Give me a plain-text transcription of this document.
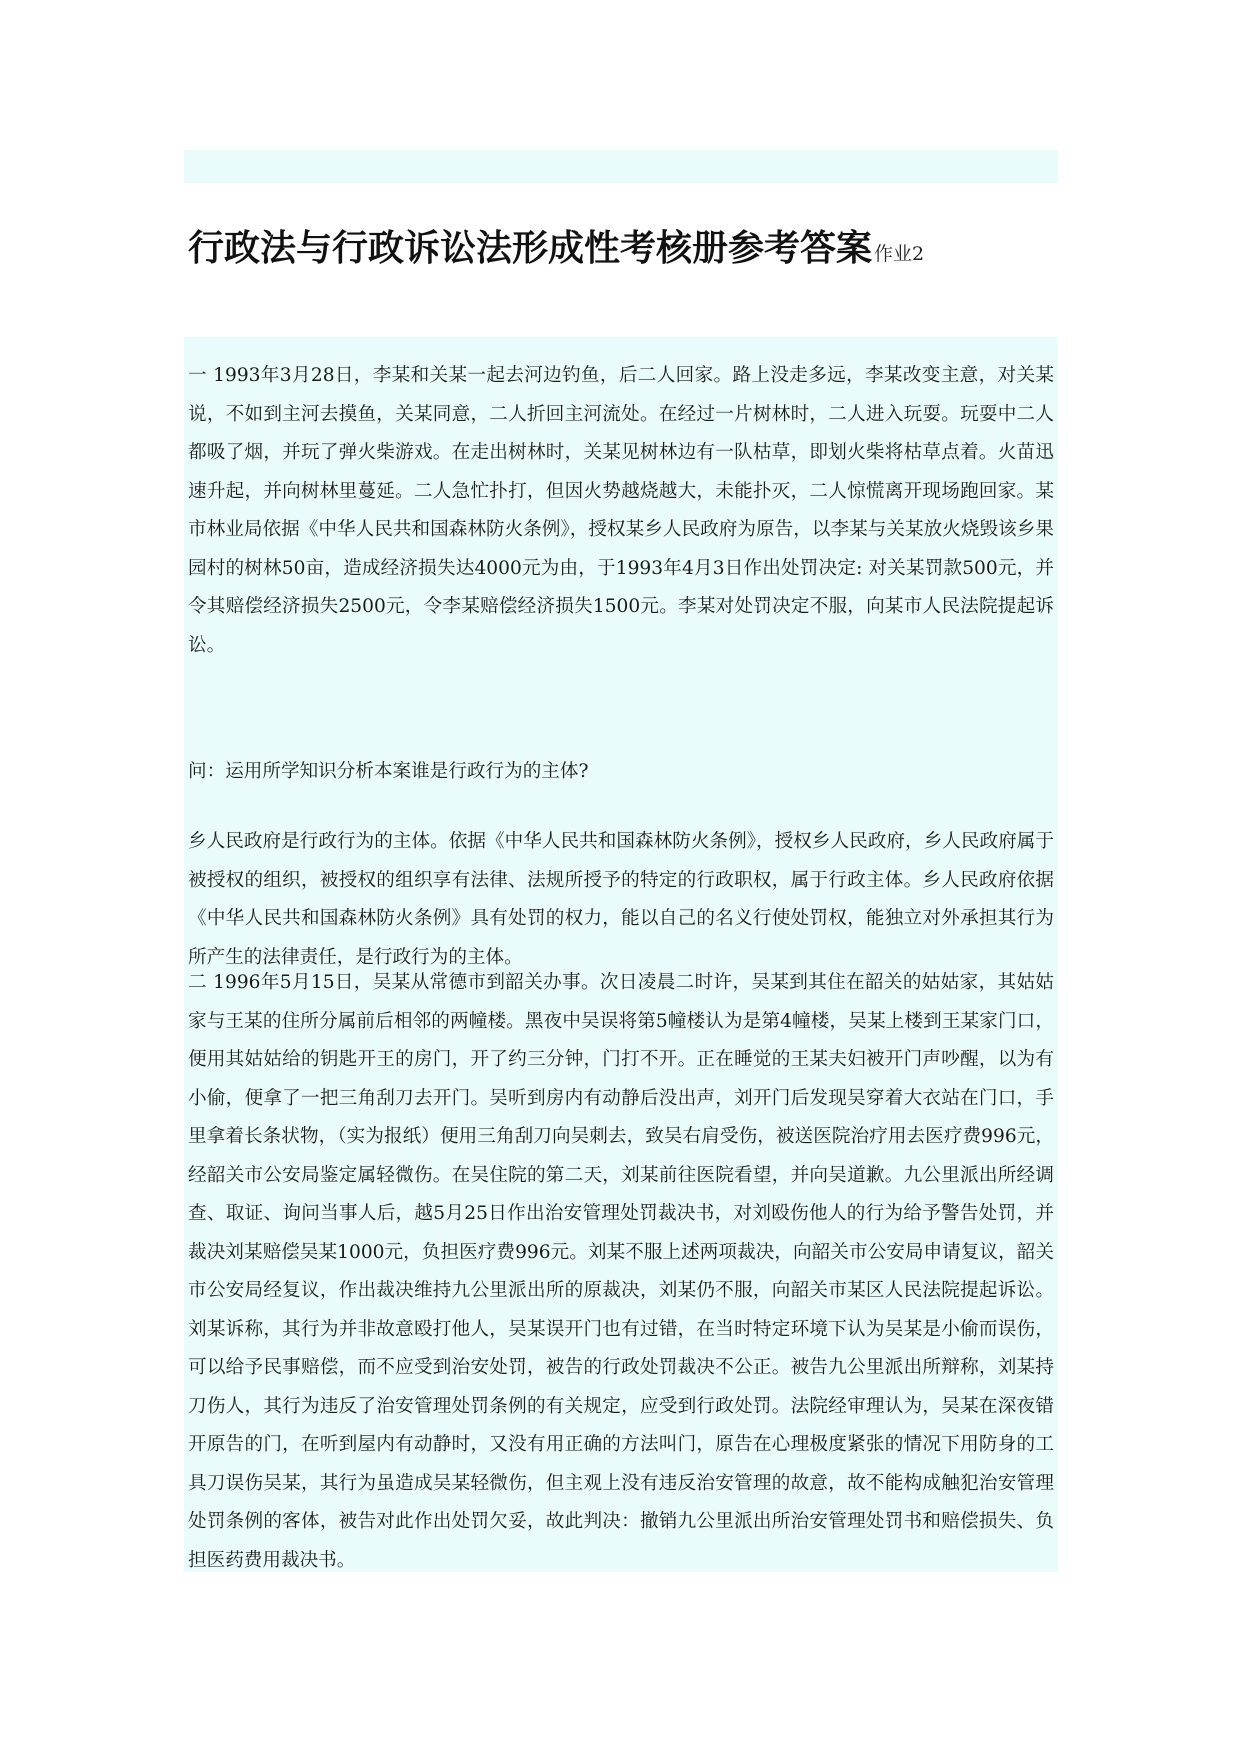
行政法与行政诉讼法形成性考核册参考答案 作业2

一 1993年3月28日，李某和关某一起去河边钓鱼，后二人回家。路上没走多远，李某改变主意，对关某说，不如到主河去摸鱼，关某同意，二人折回主河流处。在经过一片树林时，二人进入玩耍。玩耍中二人都吸了烟，并玩了弹火柴游戏。在走出树林时，关某见树林边有一队枯草，即划火柴将枯草点着。火苗迅速升起，并向树林里蔓延。二人急忙扑打，但因火势越烧越大，未能扑灭，二人惊慌离开现场跑回家。某市林业局依据《中华人民共和国森林防火条例》，授权某乡人民政府为原告，以李某与关某放火烧毁该乡果园村的树林50亩，造成经济损失达4000元为由，于1993年4月3日作出处罚决定: 对关某罚款500元，并令其赔偿经济损失2500元，令李某赔偿经济损失1500元。李某对处罚决定不服，向某市人民法院提起诉讼。

问：运用所学知识分析本案谁是行政行为的主体?

乡人民政府是行政行为的主体。依据《中华人民共和国森林防火条例》，授权乡人民政府，乡人民政府属于被授权的组织，被授权的组织享有法律、法规所授予的特定的行政职权，属于行政主体。乡人民政府依据《中华人民共和国森林防火条例》具有处罚的权力，能以自己的名义行使处罚权，能独立对外承担其行为所产生的法律责任，是行政行为的主体。

二 1996年5月15日，吴某从常德市到韶关办事。次日凌晨二时许，吴某到其住在韶关的姑姑家，其姑姑家与王某的住所分属前后相邻的两幢楼。黑夜中吴误将第5幢楼认为是第4幢楼，吴某上楼到王某家门口，便用其姑姑给的钥匙开王的房门，开了约三分钟，门打不开。正在睡觉的王某夫妇被开门声吵醒，以为有小偷，便拿了一把三角刮刀去开门。吴听到房内有动静后没出声，刘开门后发现吴穿着大衣站在门口，手里拿着长条状物，（实为报纸）便用三角刮刀向吴刺去，致吴右肩受伤，被送医院治疗用去医疗费996元，经韶关市公安局鉴定属轻微伤。在吴住院的第二天，刘某前往医院看望，并向吴道歉。九公里派出所经调查、取证、询问当事人后，越5月25日作出治安管理处罚裁决书，对刘殴伤他人的行为给予警告处罚，并裁决刘某赔偿吴某1000元，负担医疗费996元。刘某不服上述两项裁决，向韶关市公安局申请复议，韶关市公安局经复议，作出裁决维持九公里派出所的原裁决，刘某仍不服，向韶关市某区人民法院提起诉讼。刘某诉称，其行为并非故意殴打他人，吴某误开门也有过错，在当时特定环境下认为吴某是小偷而误伤，可以给予民事赔偿，而不应受到治安处罚，被告的行政处罚裁决不公正。被告九公里派出所辩称，刘某持刀伤人，其行为违反了治安管理处罚条例的有关规定，应受到行政处罚。法院经审理认为，吴某在深夜错开原告的门，在听到屋内有动静时，又没有用正确的方法叫门，原告在心理极度紧张的情况下用防身的工具刀误伤吴某，其行为虽造成吴某轻微伤，但主观上没有违反治安管理的故意，故不能构成触犯治安管理处罚条例的客体，被告对此作出处罚欠妥，故此判决：撤销九公里派出所治安管理处罚书和赔偿损失、负担医药费用裁决书。
